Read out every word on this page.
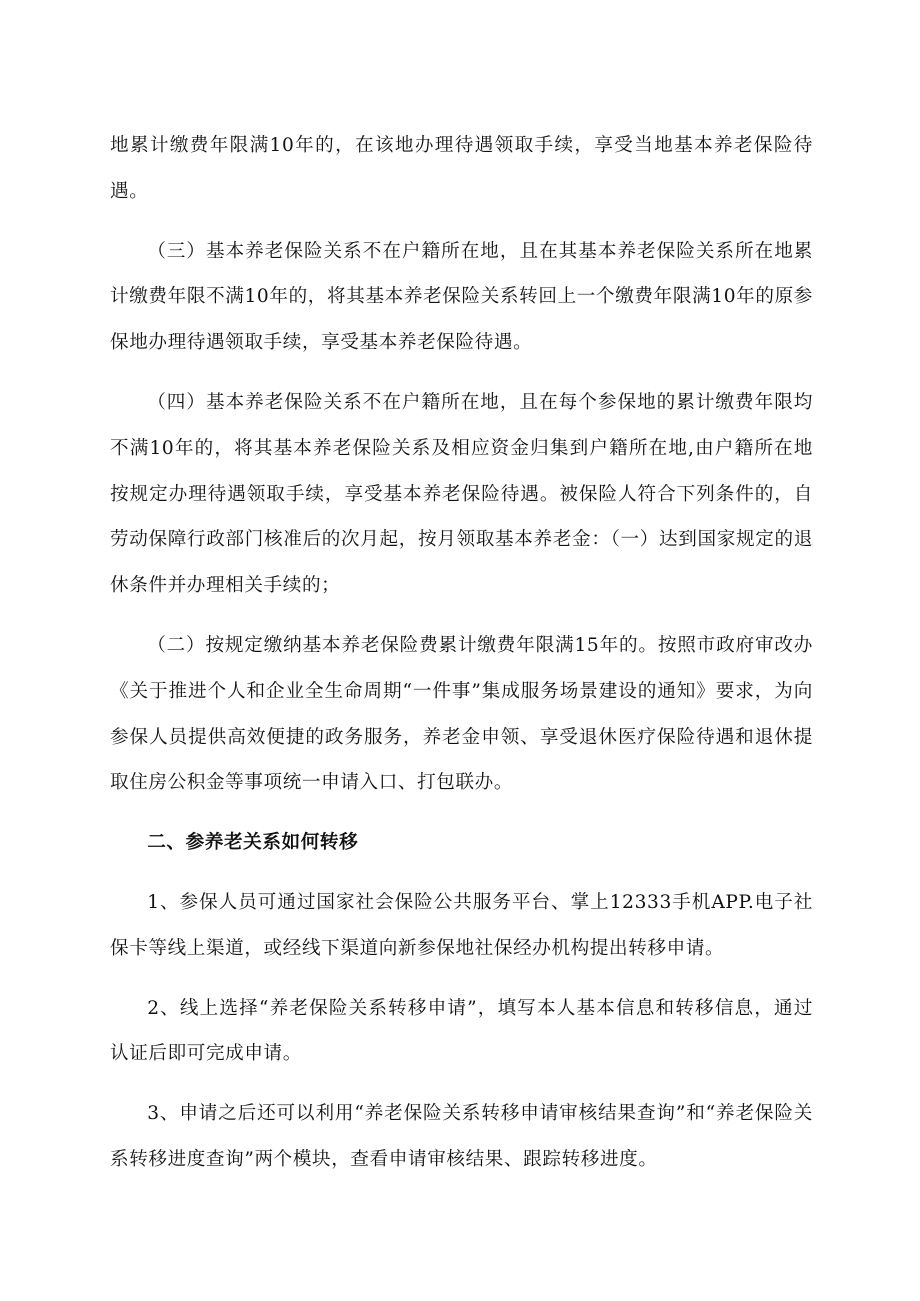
地累计缴费年限满10年的，在该地办理待遇领取手续，享受当地基本养老保险待遇。

（三）基本养老保险关系不在户籍所在地，且在其基本养老保险关系所在地累计缴费年限不满10年的，将其基本养老保险关系转回上一个缴费年限满10年的原参保地办理待遇领取手续，享受基本养老保险待遇。

（四）基本养老保险关系不在户籍所在地，且在每个参保地的累计缴费年限均不满10年的，将其基本养老保险关系及相应资金归集到户籍所在地,由户籍所在地按规定办理待遇领取手续，享受基本养老保险待遇。被保险人符合下列条件的，自劳动保障行政部门核准后的次月起，按月领取基本养老金：（一）达到国家规定的退休条件并办理相关手续的；

（二）按规定缴纳基本养老保险费累计缴费年限满15年的。按照市政府审改办《关于推进个人和企业全生命周期“一件事”集成服务场景建设的通知》要求，为向参保人员提供高效便捷的政务服务，养老金申领、享受退休医疗保险待遇和退休提取住房公积金等事项统一申请入口、打包联办。

二、参养老关系如何转移

1、参保人员可通过国家社会保险公共服务平台、掌上12333手机APP.电子社保卡等线上渠道，或经线下渠道向新参保地社保经办机构提出转移申请。

2、线上选择“养老保险关系转移申请”，填写本人基本信息和转移信息，通过认证后即可完成申请。

3、申请之后还可以利用“养老保险关系转移申请审核结果查询”和“养老保险关系转移进度查询”两个模块，查看申请审核结果、跟踪转移进度。
